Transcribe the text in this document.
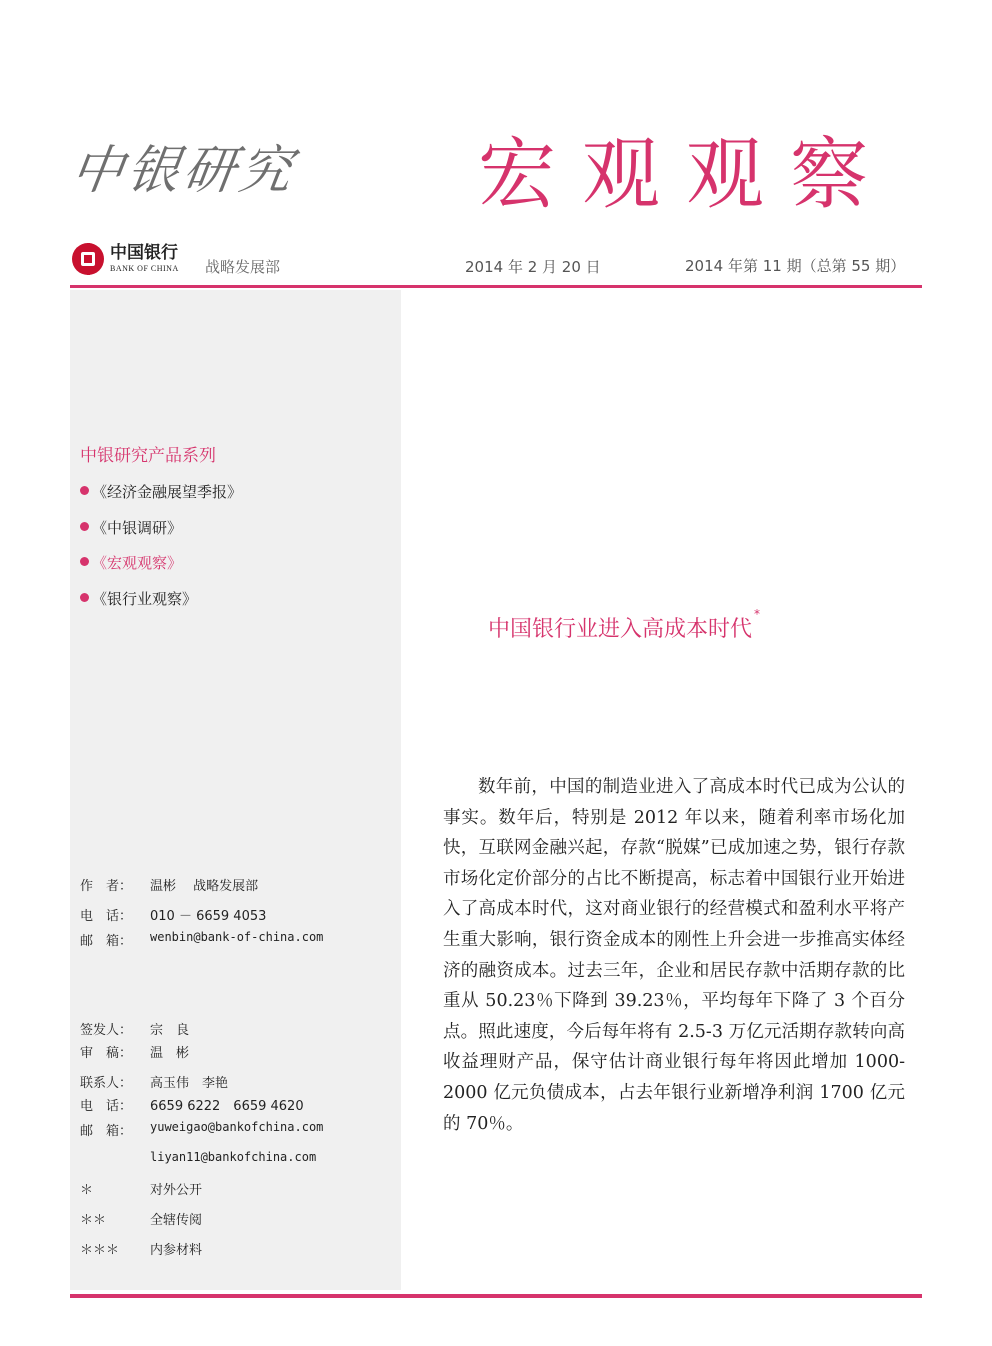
中银研究 宏观观察
中国银行
BANK OF CHINA 战略发展部	2014 年 2 月 20 日	2014 年第 11 期（总第 55 期）
中银研究产品系列
《经济金融展望季报》
《中银调研》
《宏观观察》
《银行业观察》
作　者：	温彬　 战略发展部
电　话：	010 － 6659 4053
邮　箱：	wenbin@bank-of-china.com
签发人：	宗　良
审　稿：	温　彬
联系人：	高玉伟　李艳
电　话：	6659 6222　6659 4620
邮　箱：	yuweigao@bankofchina.com
liyan11@bankofchina.com
＊	对外公开
＊＊	全辖传阅
＊＊＊	内参材料
中国银行业进入高成本时代*

数年前，中国的制造业进入了高成本时代已成为公认的事实。数年后，特别是 2012 年以来，随着利率市场化加快，互联网金融兴起，存款“脱媒”已成加速之势，银行存款市场化定价部分的占比不断提高，标志着中国银行业开始进入了高成本时代，这对商业银行的经营模式和盈利水平将产生重大影响，银行资金成本的刚性上升会进一步推高实体经济的融资成本。过去三年，企业和居民存款中活期存款的比重从 50.23％下降到 39.23％，平均每年下降了 3 个百分点。照此速度，今后每年将有 2.5-3 万亿元活期存款转向高收益理财产品，保守估计商业银行每年将因此增加 1000-2000 亿元负债成本，占去年银行业新增净利润 1700 亿元的 70％。
